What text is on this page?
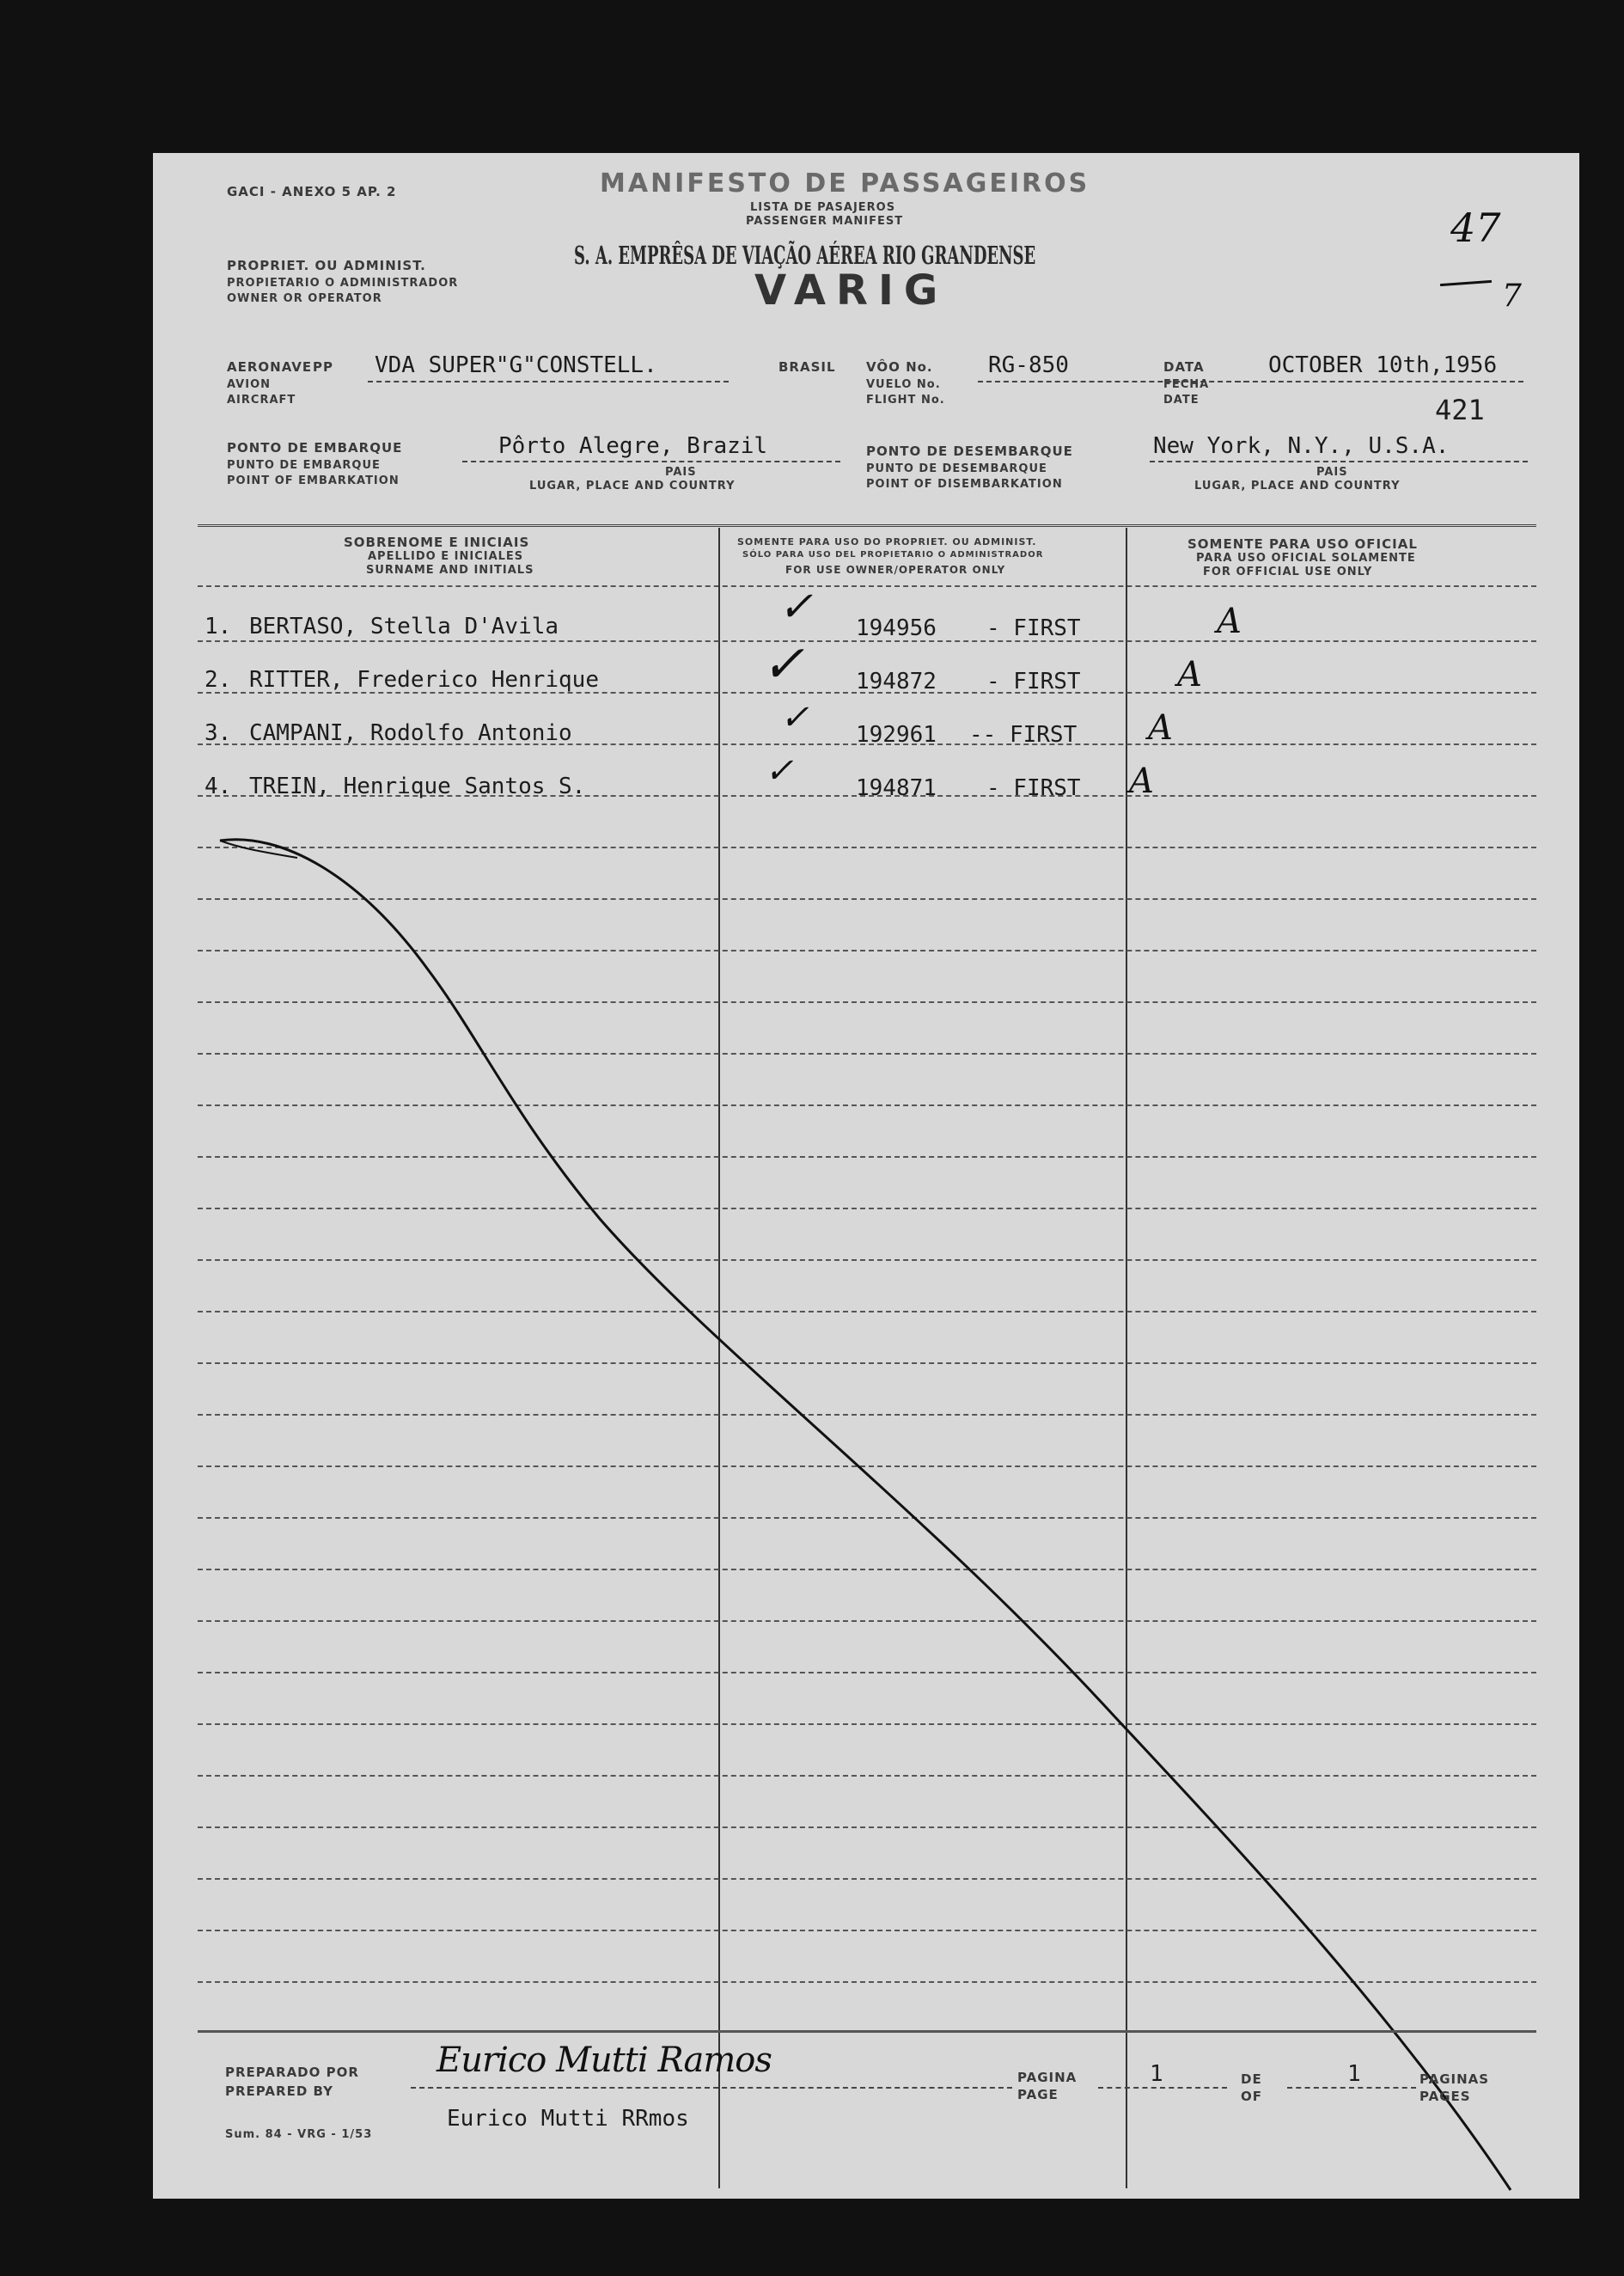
GACI - ANEXO 5 AP. 2	MANIFESTO DE PASSAGEIROS
LISTA DE PASAJEROS
PASSENGER MANIFEST	47
7
PROPRIET. OU ADMINIST.
PROPIETARIO O ADMINISTRADOR
OWNER OR OPERATOR
S. A. EMPRÊSA DE VIAÇÃO AÉREA RIO GRANDENSE
VARIG
AERONAVE
AVION
AIRCRAFT
PP VDA SUPER"G"CONSTELL.	BRASIL VÔO No.
VUELO No.
FLIGHT No.
RG-850	DATA
FECHA
DATE
OCTOBER 10th,1956
421
PONTO DE EMBARQUE
PUNTO DE EMBARQUE
POINT OF EMBARKATION
Pôrto Alegre, Brazil
PAIS
LUGAR, PLACE AND COUNTRY
PONTO DE DESEMBARQUE
PUNTO DE DESEMBARQUE
POINT OF DISEMBARKATION
New York, N.Y., U.S.A.
PAIS
LUGAR, PLACE AND COUNTRY
SOBRENOME E INICIAIS
APELLIDO E INICIALES
SURNAME AND INITIALS
SOMENTE PARA USO DO PROPRIET. OU ADMINIST.
SÓLO PARA USO DEL PROPIETARIO O ADMINISTRADOR
FOR USE OWNER/OPERATOR ONLY
SOMENTE PARA USO OFICIAL
PARA USO OFICIAL SOLAMENTE
FOR OFFICIAL USE ONLY
1. BERTASO, Stella D'Avila	✓ 194956 - FIRST	A
2. RITTER, Frederico Henrique	✓ 194872 - FIRST	A
3. CAMPANI, Rodolfo Antonio	✓ 192961 -- FIRST A
4. TREIN, Henrique Santos S.	✓	194871 - FIRST A
PREPARADO POR
PREPARED BY
Eurico Mutti Ramos
Eurico Mutti RRmos
PAGINA
PAGE
1	DE
OF
1	PAGINAS
PAGES
Sum. 84 - VRG - 1/53
